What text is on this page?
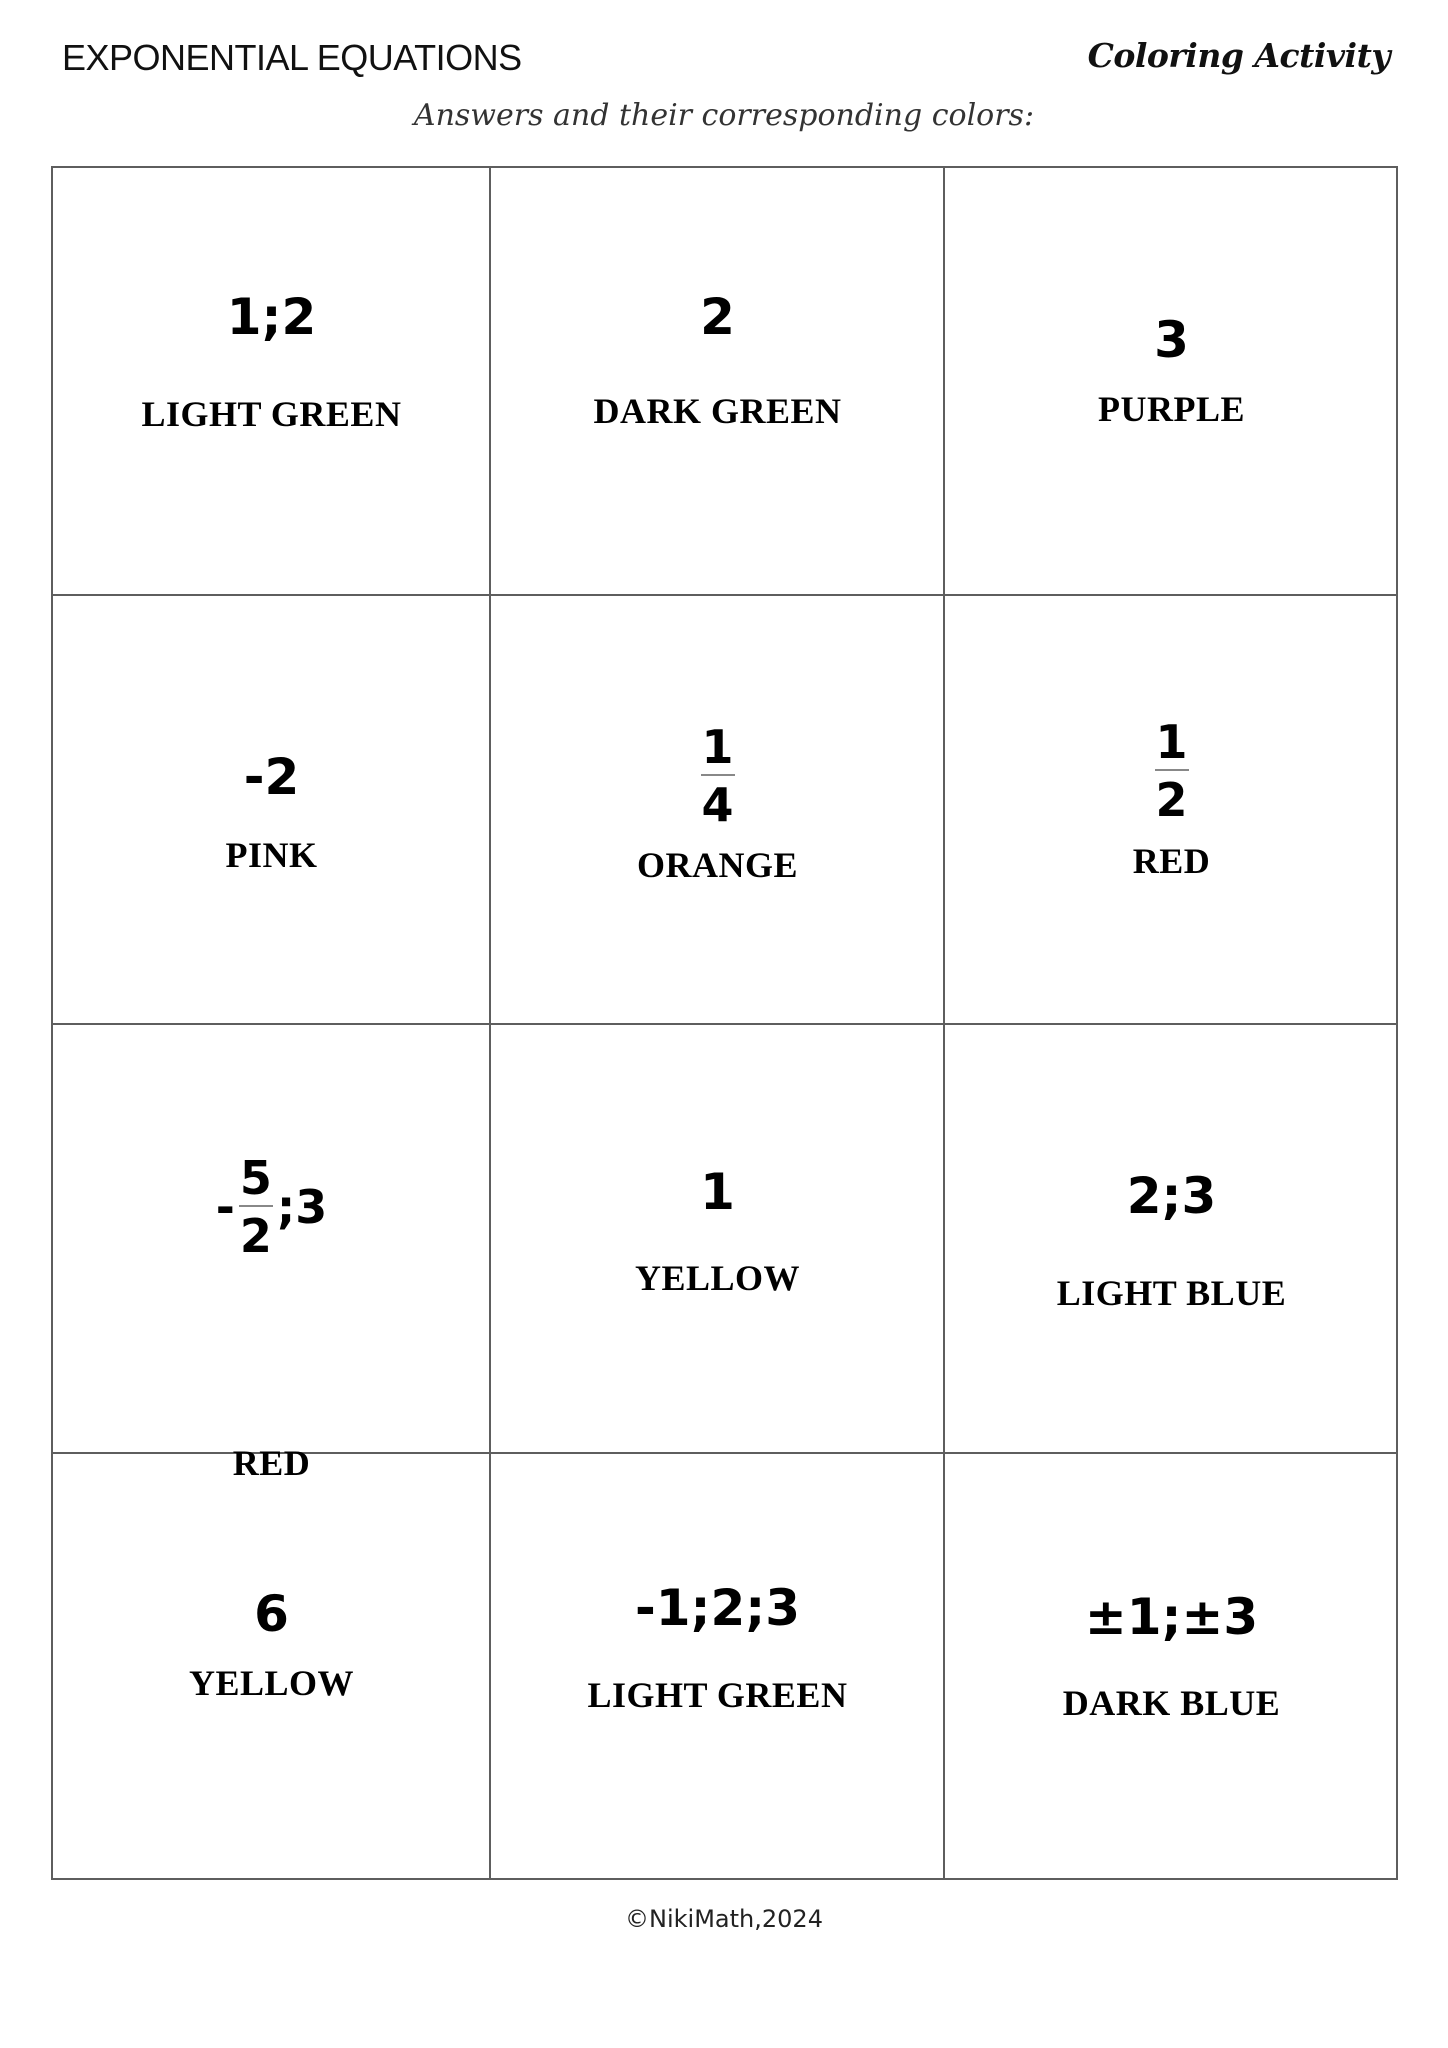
EXPONENTIAL EQUATIONS	Coloring Activity
Answers and their corresponding colors:
1;2
LIGHT GREEN
2
DARK GREEN
3
PURPLE
-2
PINK
$\frac{1}{4}$
ORANGE
$\frac{1}{2}$
RED
- $\frac{5}{2}$ ;3
RED
1
YELLOW
2;3
LIGHT BLUE
6
YELLOW
-1;2;3
LIGHT GREEN
±1;±3
DARK BLUE
©NikiMath,2024
